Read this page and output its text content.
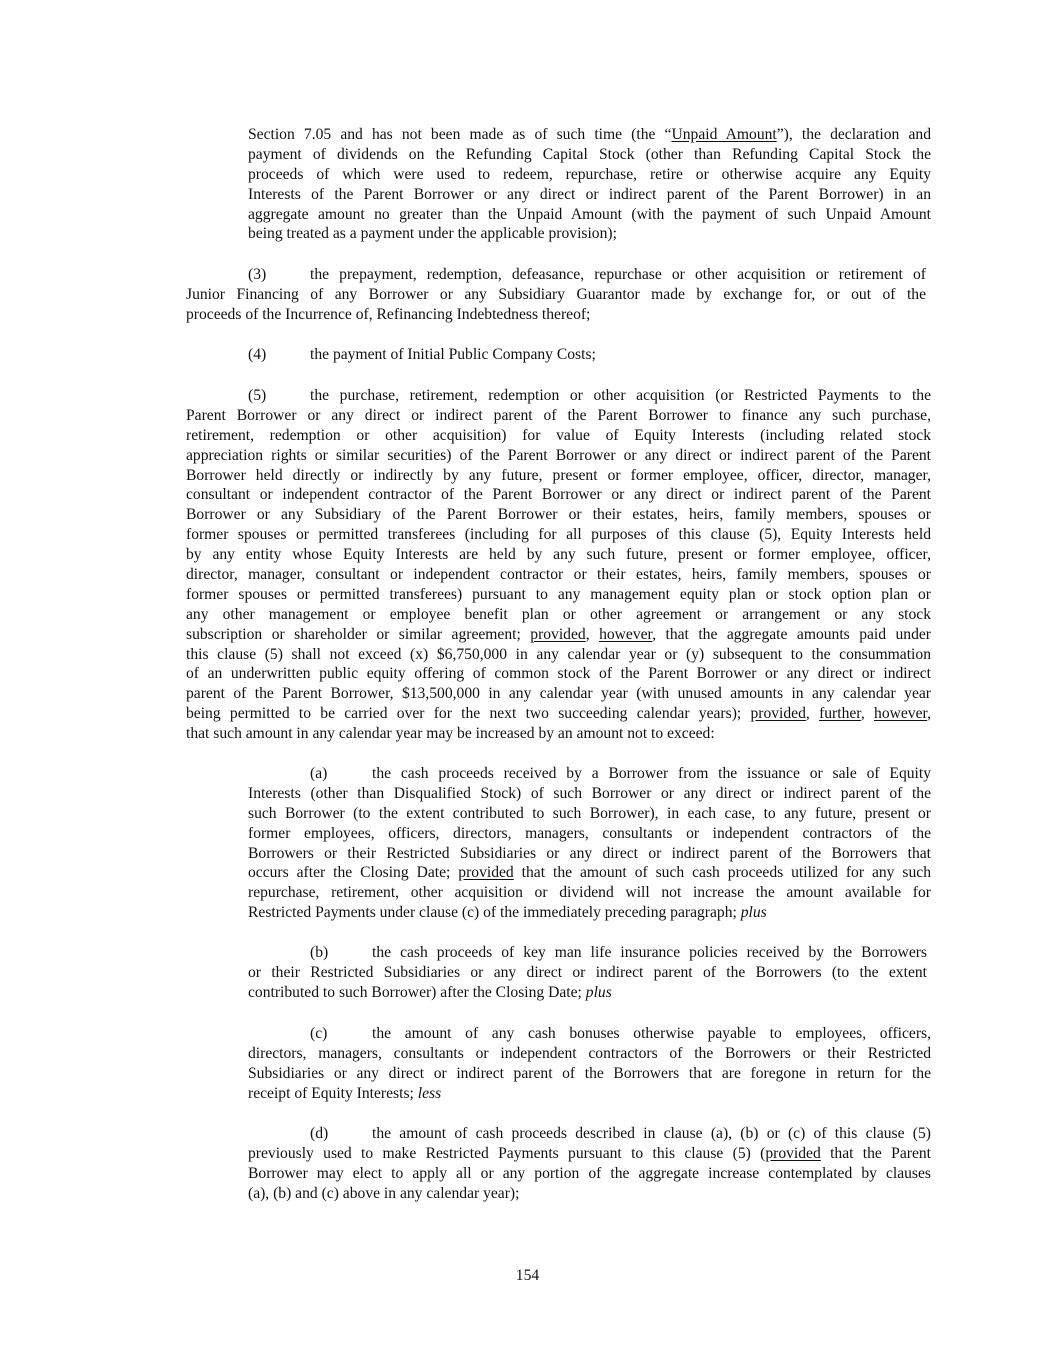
Section 7.05 and has not been made as of such time (the “Unpaid Amount”), the declaration and
payment of dividends on the Refunding Capital Stock (other than Refunding Capital Stock the
proceeds of which were used to redeem, repurchase, retire or otherwise acquire any Equity
Interests of the Parent Borrower or any direct or indirect parent of the Parent Borrower) in an
aggregate amount no greater than the Unpaid Amount (with the payment of such Unpaid Amount
being treated as a payment under the applicable provision);
(3)	the prepayment, redemption, defeasance, repurchase or other acquisition or retirement of
Junior Financing of any Borrower or any Subsidiary Guarantor made by exchange for, or out of the
proceeds of the Incurrence of, Refinancing Indebtedness thereof;
(4)	the payment of Initial Public Company Costs;
(5)	the purchase, retirement, redemption or other acquisition (or Restricted Payments to the
Parent Borrower or any direct or indirect parent of the Parent Borrower to finance any such purchase,
retirement, redemption or other acquisition) for value of Equity Interests (including related stock
appreciation rights or similar securities) of the Parent Borrower or any direct or indirect parent of the Parent
Borrower held directly or indirectly by any future, present or former employee, officer, director, manager,
consultant or independent contractor of the Parent Borrower or any direct or indirect parent of the Parent
Borrower or any Subsidiary of the Parent Borrower or their estates, heirs, family members, spouses or
former spouses or permitted transferees (including for all purposes of this clause (5), Equity Interests held
by any entity whose Equity Interests are held by any such future, present or former employee, officer,
director, manager, consultant or independent contractor or their estates, heirs, family members, spouses or
former spouses or permitted transferees) pursuant to any management equity plan or stock option plan or
any other management or employee benefit plan or other agreement or arrangement or any stock
subscription or shareholder or similar agreement; provided, however, that the aggregate amounts paid under
this clause (5) shall not exceed (x) $6,750,000 in any calendar year or (y) subsequent to the consummation
of an underwritten public equity offering of common stock of the Parent Borrower or any direct or indirect
parent of the Parent Borrower, $13,500,000 in any calendar year (with unused amounts in any calendar year
being permitted to be carried over for the next two succeeding calendar years); provided, further, however,
that such amount in any calendar year may be increased by an amount not to exceed:
(a)	the cash proceeds received by a Borrower from the issuance or sale of Equity
Interests (other than Disqualified Stock) of such Borrower or any direct or indirect parent of the
such Borrower (to the extent contributed to such Borrower), in each case, to any future, present or
former employees, officers, directors, managers, consultants or independent contractors of the
Borrowers or their Restricted Subsidiaries or any direct or indirect parent of the Borrowers that
occurs after the Closing Date; provided that the amount of such cash proceeds utilized for any such
repurchase, retirement, other acquisition or dividend will not increase the amount available for
Restricted Payments under clause (c) of the immediately preceding paragraph; plus
(b)	the cash proceeds of key man life insurance policies received by the Borrowers
or their Restricted Subsidiaries or any direct or indirect parent of the Borrowers (to the extent
contributed to such Borrower) after the Closing Date; plus
(c)	the amount of any cash bonuses otherwise payable to employees, officers,
directors, managers, consultants or independent contractors of the Borrowers or their Restricted
Subsidiaries or any direct or indirect parent of the Borrowers that are foregone in return for the
receipt of Equity Interests; less
(d)	the amount of cash proceeds described in clause (a), (b) or (c) of this clause (5)
previously used to make Restricted Payments pursuant to this clause (5) (provided that the Parent
Borrower may elect to apply all or any portion of the aggregate increase contemplated by clauses
(a), (b) and (c) above in any calendar year);
154
